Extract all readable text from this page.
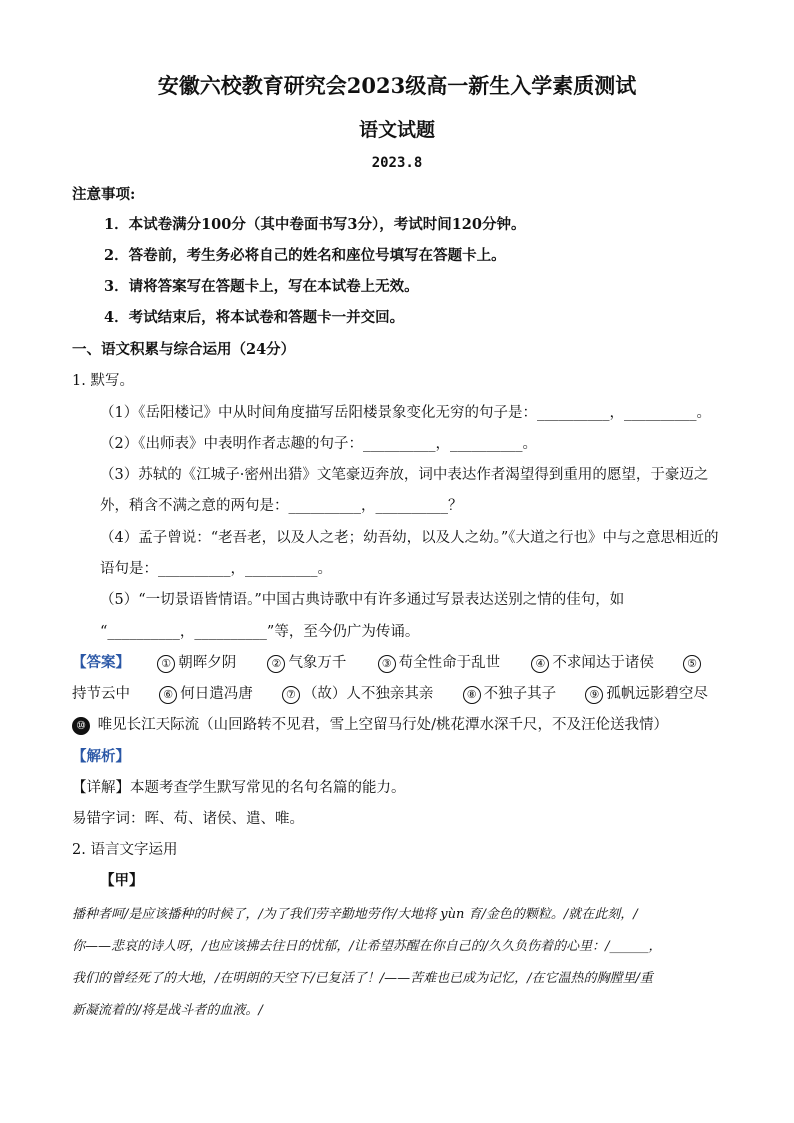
安徽六校教育研究会2023级高一新生入学素质测试
语文试题
2023.8
注意事项:
1．本试卷满分100分（其中卷面书写3分），考试时间120分钟。
2．答卷前，考生务必将自己的姓名和座位号填写在答题卡上。
3．请将答案写在答题卡上，写在本试卷上无效。
4．考试结束后，将本试卷和答题卡一并交回。
一、语文积累与综合运用（24分）
1. 默写。
（1）《岳阳楼记》中从时间角度描写岳阳楼景象变化无穷的句子是：__________，__________。
（2）《出师表》中表明作者志趣的句子：__________，__________。
（3）苏轼的《江城子·密州出猎》文笔豪迈奔放，词中表达作者渴望得到重用的愿望，于豪迈之
外，稍含不满之意的两句是：__________，__________？
（4）孟子曾说：“老吾老，以及人之老；幼吾幼，以及人之幼。”《大道之行也》中与之意思相近的
语句是：__________，__________。
（5）“一切景语皆情语。”中国古典诗歌中有许多通过写景表达送别之情的佳句，如
“__________，__________”等，至今仍广为传诵。
【答案】	① 朝晖夕阴	② 气象万千	③ 苟全性命于乱世	④ 不求闻达于诸侯	⑤
持节云中	⑥ 何日遣冯唐	⑦ （故）人不独亲其亲	⑧ 不独子其子	⑨ 孤帆远影碧空尽
⑩ 唯见长江天际流（山回路转不见君，雪上空留马行处/桃花潭水深千尺，不及汪伦送我情）
【解析】
【详解】本题考查学生默写常见的名句名篇的能力。
易错字词：晖、苟、诸侯、遣、唯。
2. 语言文字运用
【甲】
播种者呵/是应该播种的时候了，/为了我们劳辛勤地劳作/大地将 yùn 育/金色的颗粒。/就在此刻，/
你——悲哀的诗人呀，/也应该拂去往日的忧郁，/让希望苏醒在你自己的/久久负伤着的心里：/______，
我们的曾经死了的大地，/在明朗的天空下/已复活了！/——苦难也已成为记忆，/在它温热的胸膛里/重
新凝流着的/将是战斗者的血液。/
